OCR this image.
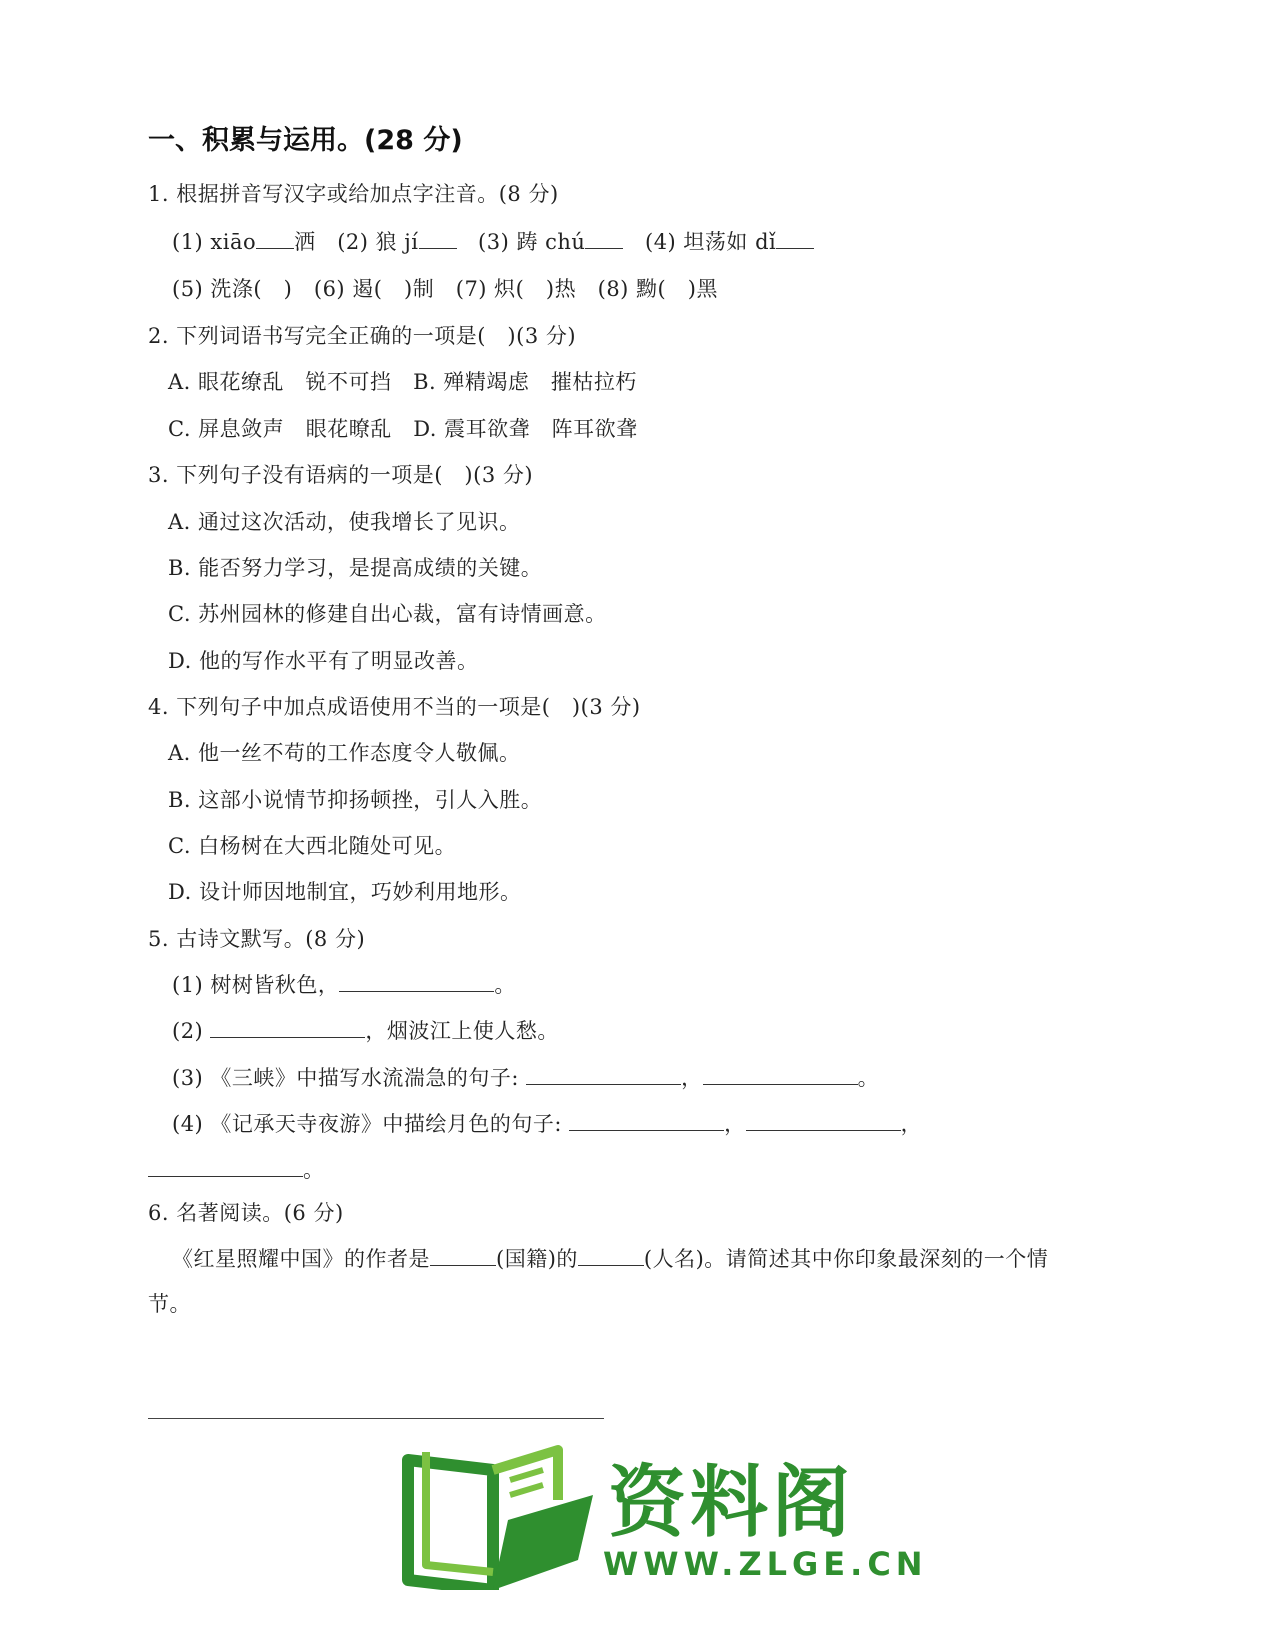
一、积累与运用。(28 分)
1. 根据拼音写汉字或给加点字注音。(8 分)
(1) xiāo 洒 (2) 狼 jí	(3) 踌 chú	(4) 坦荡如 dǐ
(5) 洗涤(   ) (6) 遏(   )制 (7) 炽(   )热 (8) 黝(   )黑
2. 下列词语书写完全正确的一项是(   )(3 分)
A. 眼花缭乱   锐不可挡   B. 殚精竭虑   摧枯拉朽
C. 屏息敛声   眼花暸乱   D. 震耳欲聋   阵耳欲聋
3. 下列句子没有语病的一项是(   )(3 分)
A. 通过这次活动，使我增长了见识。
B. 能否努力学习，是提高成绩的关键。
C. 苏州园林的修建自出心裁，富有诗情画意。
D. 他的写作水平有了明显改善。
4. 下列句子中加点成语使用不当的一项是(   )(3 分)
A. 他一丝不苟的工作态度令人敬佩。
B. 这部小说情节抑扬顿挫，引人入胜。
C. 白杨树在大西北随处可见。
D. 设计师因地制宜，巧妙利用地形。
5. 古诗文默写。(8 分)
(1) 树树皆秋色，	。
(2)	，烟波江上使人愁。
(3) 《三峡》中描写水流湍急的句子:	，	。
(4) 《记承天寺夜游》中描绘月色的句子:	，	，
。
6. 名著阅读。(6 分)
《红星照耀中国》的作者是	(国籍)的	(人名)。请简述其中你印象最深刻的一个情
节。
资料阁
WWW.ZLGE.CN
